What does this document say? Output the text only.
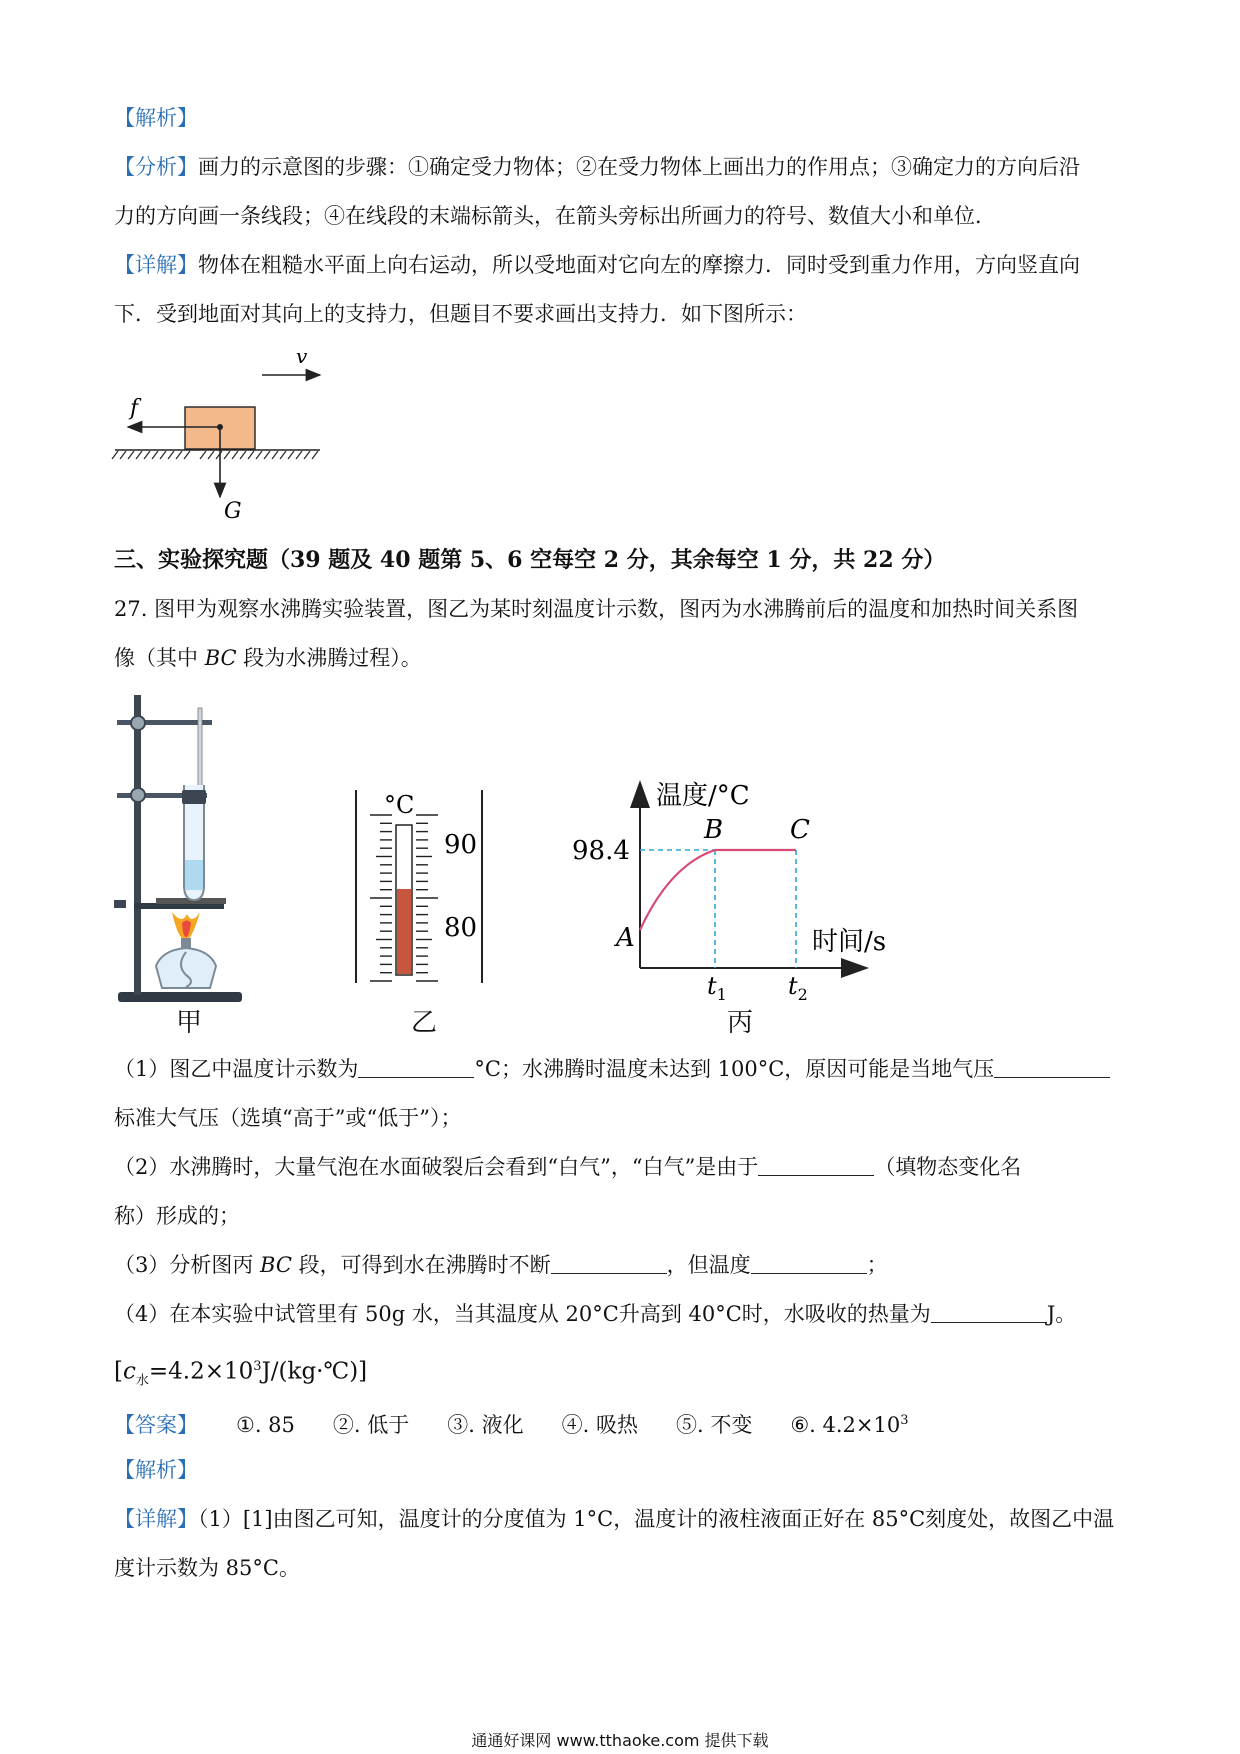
【解析】
【分析】画力的示意图的步骤：①确定受力物体；②在受力物体上画出力的作用点；③确定力的方向后沿
力的方向画一条线段；④在线段的末端标箭头，在箭头旁标出所画力的符号、数值大小和单位．
【详解】物体在粗糙水平面上向右运动，所以受地面对它向左的摩擦力．同时受到重力作用，方向竖直向
下．受到地面对其向上的支持力，但题目不要求画出支持力．如下图所示：
v
f
G
三、实验探究题（39 题及 40 题第 5、6 空每空 2 分，其余每空 1 分，共 22 分）
27. 图甲为观察水沸腾实验装置，图乙为某时刻温度计示数，图丙为水沸腾前后的温度和加热时间关系图
像（其中 BC 段为水沸腾过程）。
甲
°C
90
80
乙
温度/°C
时间/s
98.4
A
B	C
$t_1$	$t_2$
丙
（1）图乙中温度计示数为	°C；水沸腾时温度未达到 100°C，原因可能是当地气压
标准大气压（选填“高于”或“低于”）；
（2）水沸腾时，大量气泡在水面破裂后会看到“白气”，“白气”是由于	（填物态变化名
称）形成的；
（3）分析图丙 BC 段，可得到水在沸腾时不断	，但温度	；
（4）在本实验中试管里有 50g 水，当其温度从 20°C升高到 40°C时，水吸收的热量为	J。
$[c_水=4.2\times 10^3J/(kg\cdot℃)]$
【答案】 ①. 85 ②. 低于 ③. 液化 ④. 吸热 ⑤. 不变 ⑥. $4.2\times 10^3$
【解析】
【详解】（1）[1]由图乙可知，温度计的分度值为 1°C，温度计的液柱液面正好在 85°C刻度处，故图乙中温
度计示数为 85°C。
通通好课网 www.tthaoke.com 提供下载
